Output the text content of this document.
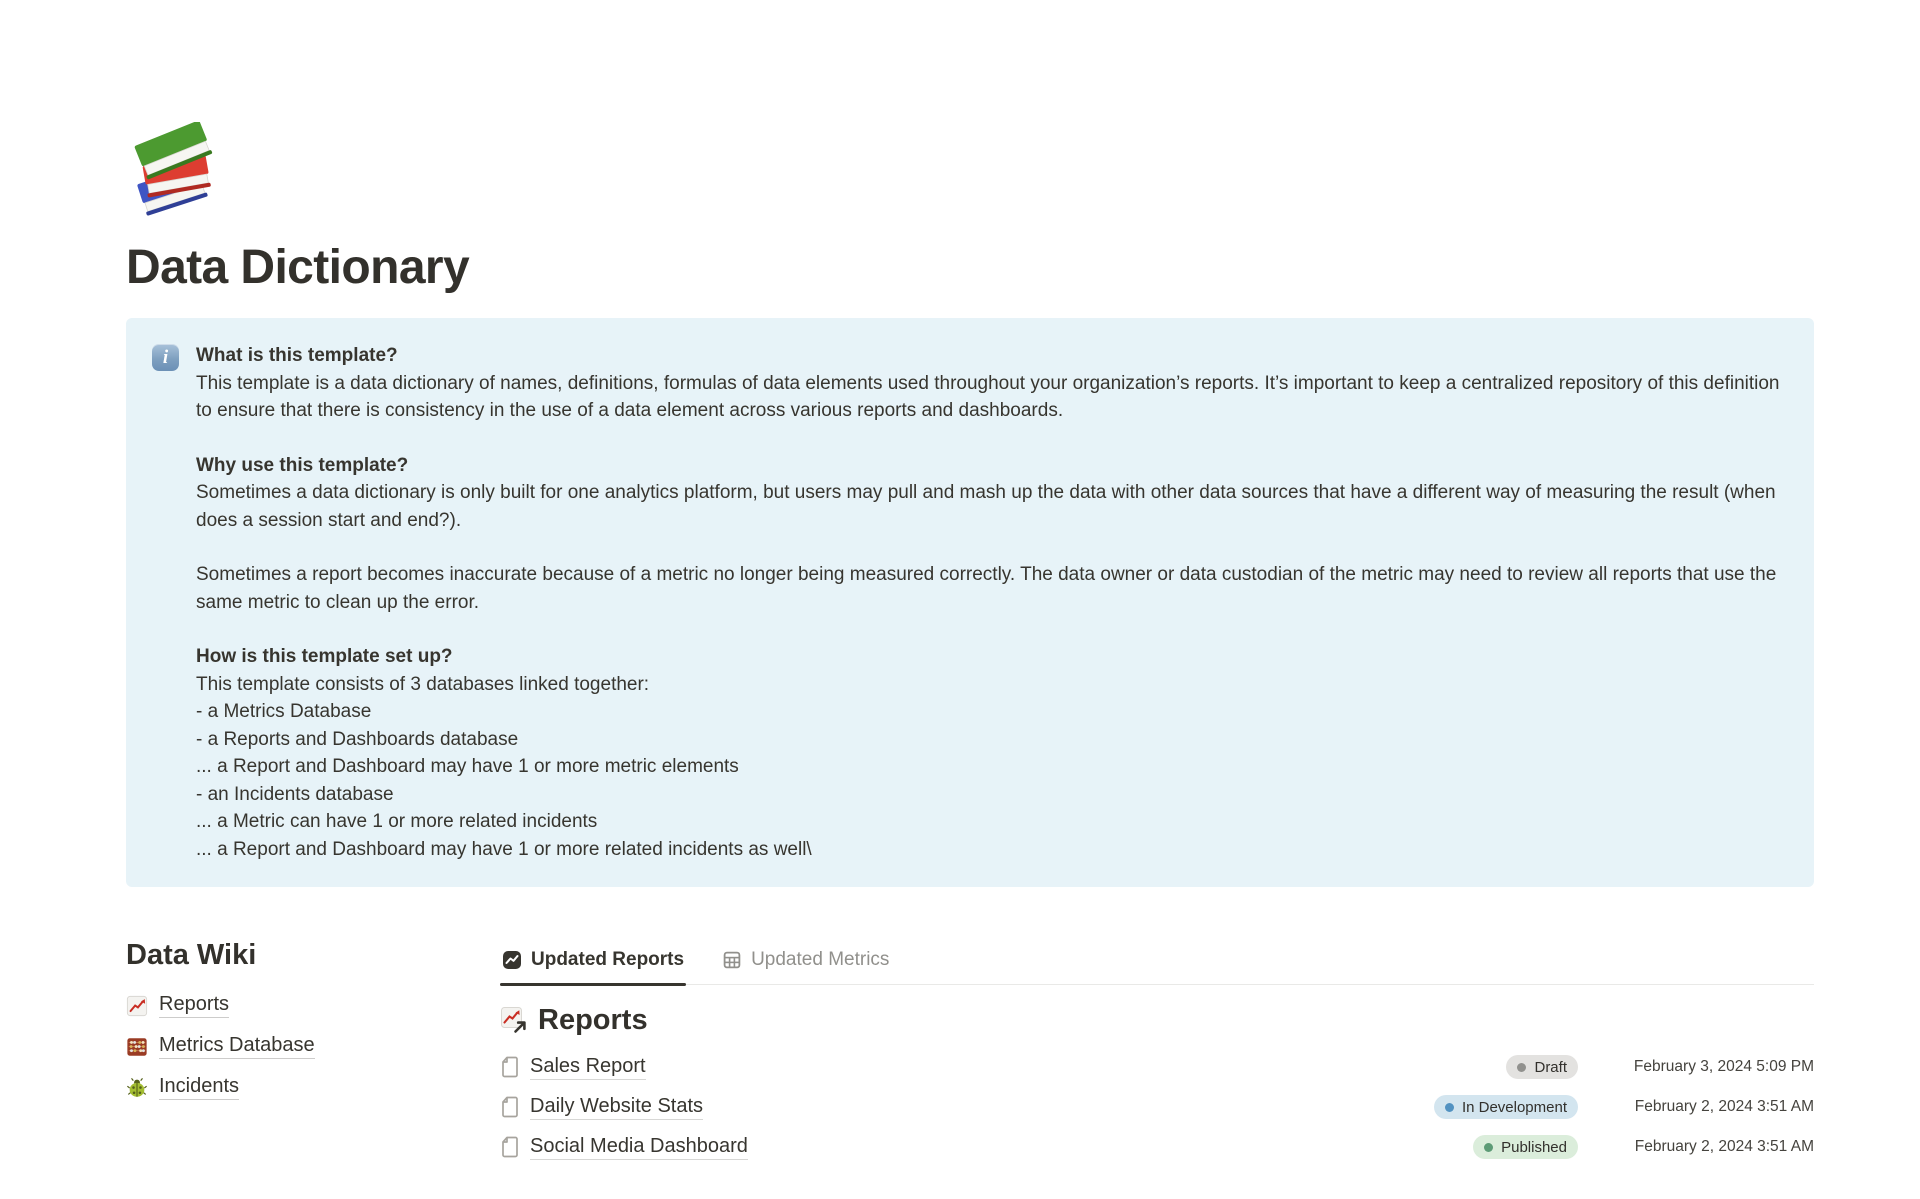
Data Dictionary
i	What is this template?
This template is a data dictionary of names, definitions, formulas of data elements used throughout your organization’s reports. It’s important to keep a centralized repository of this definition to ensure that there is consistency in the use of a data element across various reports and dashboards.
Why use this template?
Sometimes a data dictionary is only built for one analytics platform, but users may pull and mash up the data with other data sources that have a different way of measuring the result (when does a session start and end?).
Sometimes a report becomes inaccurate because of a metric no longer being measured correctly. The data owner or data custodian of the metric may need to review all reports that use the same metric to clean up the error.
How is this template set up?
This template consists of 3 databases linked together:
- a Metrics Database
- a Reports and Dashboards database
... a Report and Dashboard may have 1 or more metric elements
- an Incidents database
... a Metric can have 1 or more related incidents
... a Report and Dashboard may have 1 or more related incidents as well\
Data Wiki
Reports
Metrics Database
Incidents
Updated Reports	Updated Metrics
Reports
Sales Report	Draft	February 3, 2024 5:09 PM
Daily Website Stats	In Development	February 2, 2024 3:51 AM
Social Media Dashboard	Published	February 2, 2024 3:51 AM
